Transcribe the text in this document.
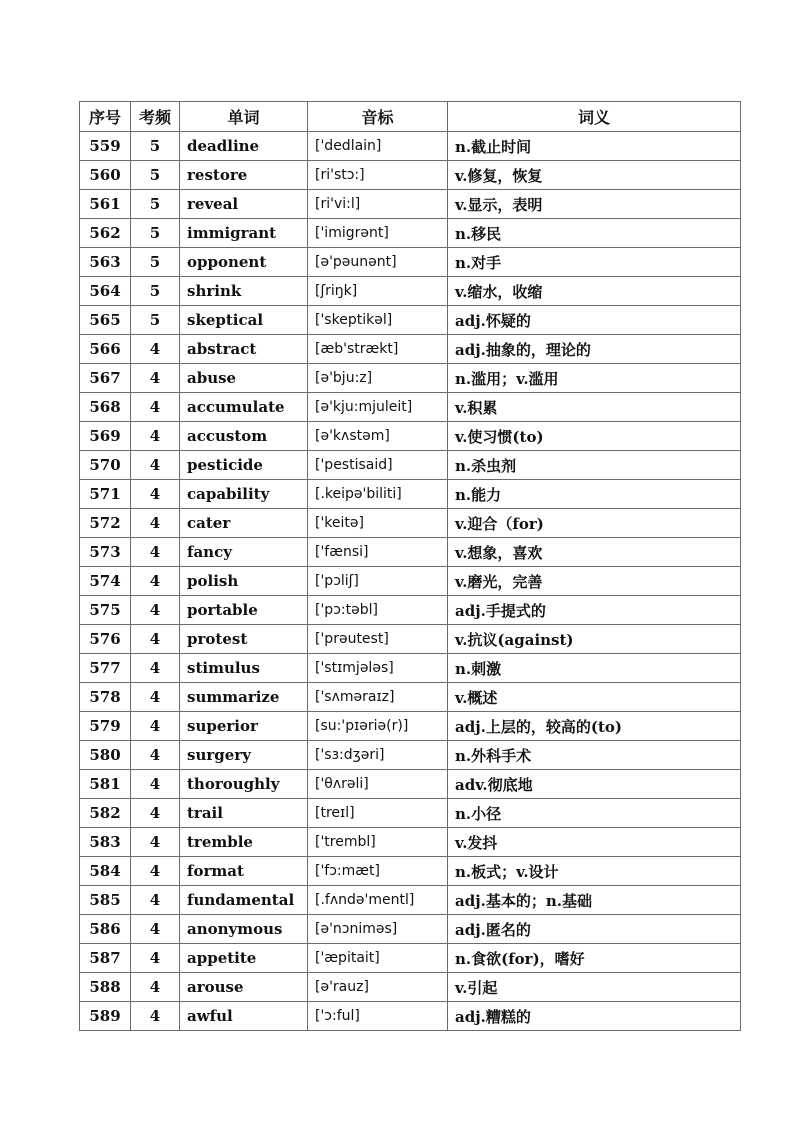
序号	考频	单词	音标	词义
559	5	deadline	['dedlain]	n.截止时间
560	5	restore	[ri'stɔ:]	v.修复，恢复
561	5	reveal	[ri'vi:l]	v.显示，表明
562	5	immigrant	['imigrənt]	n.移民
563	5	opponent	[ə'pəunənt]	n.对手
564	5	shrink	[ʃriŋk]	v.缩水，收缩
565	5	skeptical	['skeptikəl]	adj.怀疑的
566	4	abstract	[æb'strækt]	adj.抽象的，理论的
567	4	abuse	[ə'bju:z]	n.滥用；v.滥用
568	4	accumulate	[ə'kju:mjuleit]	v.积累
569	4	accustom	[ə'kʌstəm]	v.使习惯(to)
570	4	pesticide	['pestisaid]	n.杀虫剂
571	4	capability	[.keipə'biliti]	n.能力
572	4	cater	['keitə]	v.迎合（for)
573	4	fancy	['fænsi]	v.想象，喜欢
574	4	polish	['pɔliʃ]	v.磨光，完善
575	4	portable	['pɔ:təbl]	adj.手提式的
576	4	protest	['prəutest]	v.抗议(against)
577	4	stimulus	['stɪmjələs]	n.刺激
578	4	summarize	['sʌməraɪz]	v.概述
579	4	superior	[su:'pɪəriə(r)]	adj.上层的，较高的(to)
580	4	surgery	['sɜ:dʒəri]	n.外科手术
581	4	thoroughly	['θʌrəli]	adv.彻底地
582	4	trail	[treɪl]	n.小径
583	4	tremble	['trembl]	v.发抖
584	4	format	['fɔ:mæt]	n.板式；v.设计
585	4	fundamental	[.fʌndə'mentl]	adj.基本的；n.基础
586	4	anonymous	[ə'nɔniməs]	adj.匿名的
587	4	appetite	['æpitait]	n.食欲(for)，嗜好
588	4	arouse	[ə'rauz]	v.引起
589	4	awful	['ɔ:ful]	adj.糟糕的
